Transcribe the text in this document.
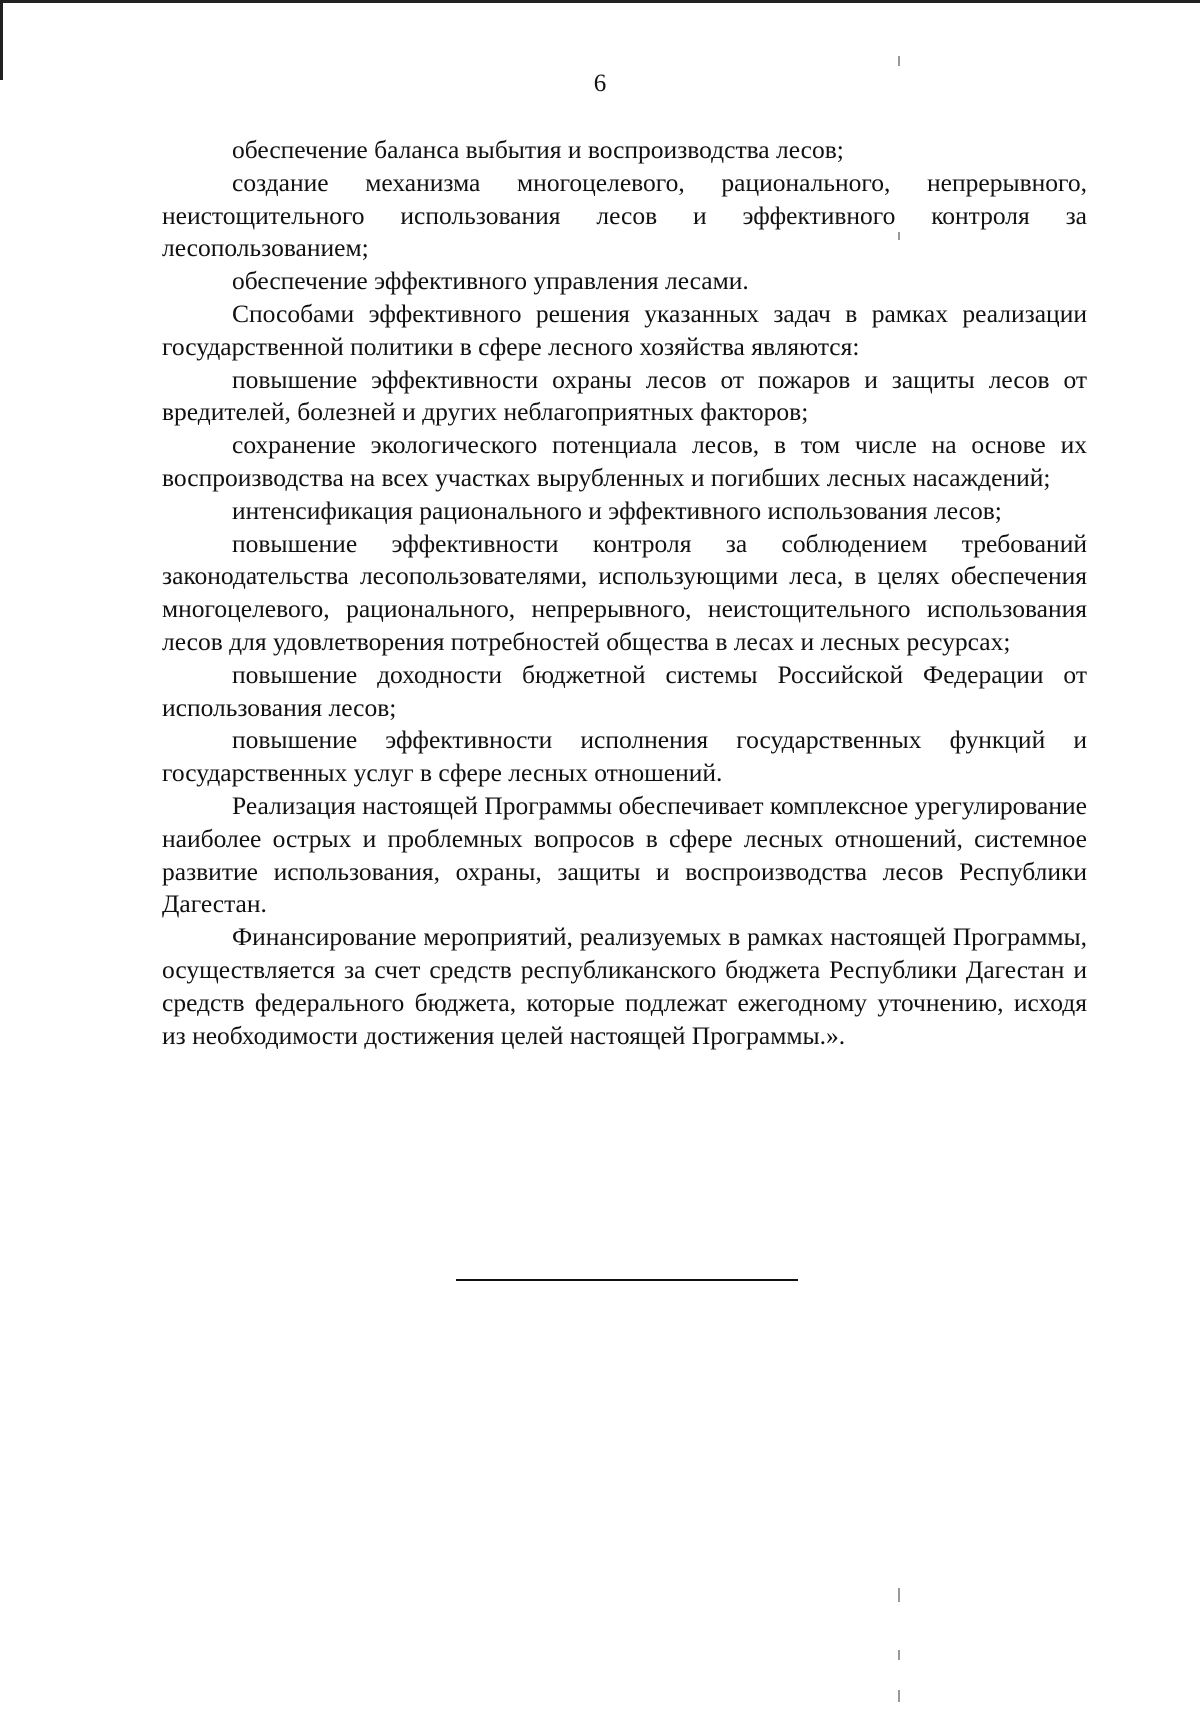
6

обеспечение баланса выбытия и воспроизводства лесов;

создание механизма многоцелевого, рационального, непрерывного, неистощительного использования лесов и эффективного контроля за лесопользованием;

обеспечение эффективного управления лесами.

Способами эффективного решения указанных задач в рамках реализации государственной политики в сфере лесного хозяйства являются:

повышение эффективности охраны лесов от пожаров и защиты лесов от вредителей, болезней и других неблагоприятных факторов;

сохранение экологического потенциала лесов, в том числе на основе их воспроизводства на всех участках вырубленных и погибших лесных насаждений;

интенсификация рационального и эффективного использования лесов;

повышение эффективности контроля за соблюдением требований законодательства лесопользователями, использующими леса, в целях обеспечения многоцелевого, рационального, непрерывного, неистощительного использования лесов для удовлетворения потребностей общества в лесах и лесных ресурсах;

повышение доходности бюджетной системы Российской Федерации от использования лесов;

повышение эффективности исполнения государственных функций и государственных услуг в сфере лесных отношений.

Реализация настоящей Программы обеспечивает комплексное урегулирование наиболее острых и проблемных вопросов в сфере лесных отношений, системное развитие использования, охраны, защиты и воспроизводства лесов Республики Дагестан.

Финансирование мероприятий, реализуемых в рамках настоящей Программы, осуществляется за счет средств республиканского бюджета Республики Дагестан и средств федерального бюджета, которые подлежат ежегодному уточнению, исходя из необходимости достижения целей настоящей Программы.».
